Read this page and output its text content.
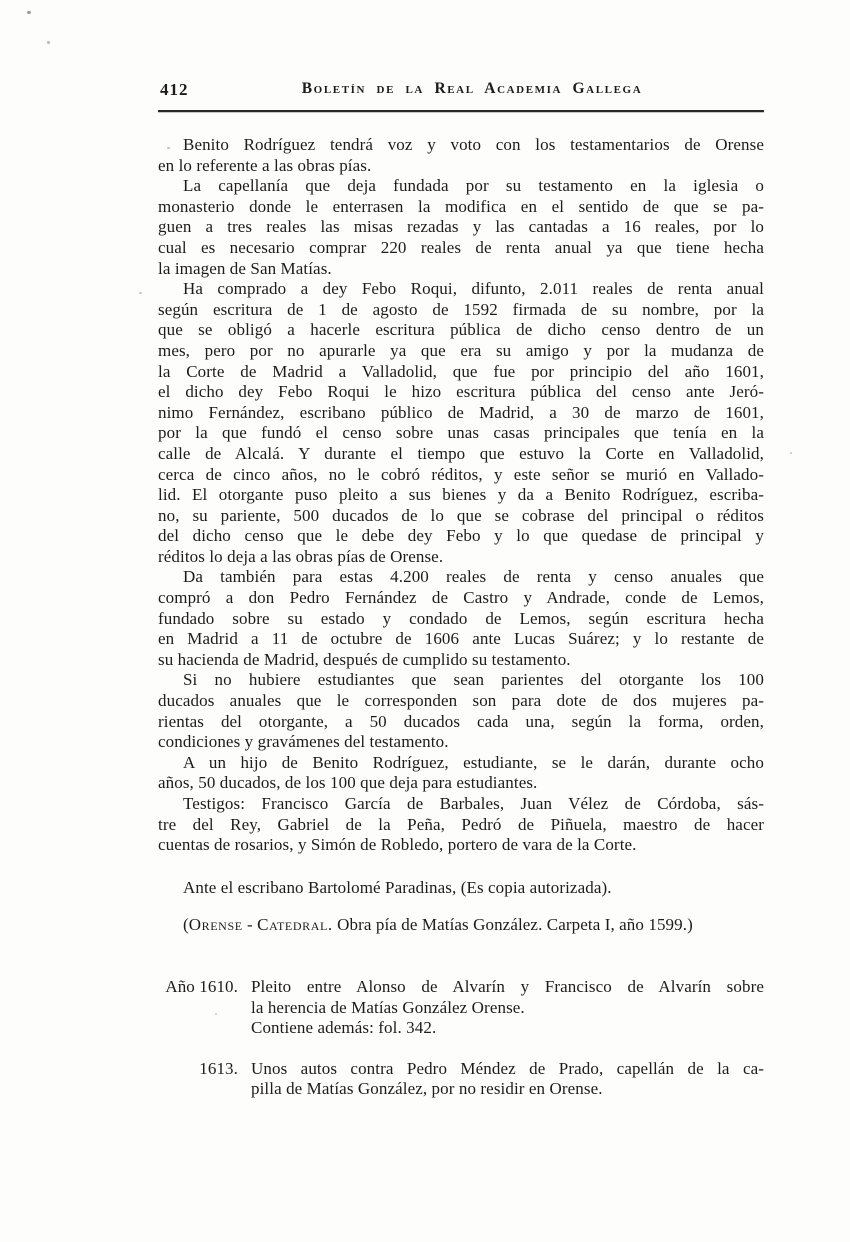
412	Boletín de la Real Academia Gallega
Benito Rodríguez tendrá voz y voto con los testamentarios de Orense
en lo referente a las obras pías.
La capellanía que deja fundada por su testamento en la iglesia o
monasterio donde le enterrasen la modifica en el sentido de que se pa-
guen a tres reales las misas rezadas y las cantadas a 16 reales, por lo
cual es necesario comprar 220 reales de renta anual ya que tiene hecha
la imagen de San Matías.
Ha comprado a dey Febo Roqui, difunto, 2.011 reales de renta anual
según escritura de 1 de agosto de 1592 firmada de su nombre, por la
que se obligó a hacerle escritura pública de dicho censo dentro de un
mes, pero por no apurarle ya que era su amigo y por la mudanza de
la Corte de Madrid a Valladolid, que fue por principio del año 1601,
el dicho dey Febo Roqui le hizo escritura pública del censo ante Jeró-
nimo Fernández, escribano público de Madrid, a 30 de marzo de 1601,
por la que fundó el censo sobre unas casas principales que tenía en la
calle de Alcalá. Y durante el tiempo que estuvo la Corte en Valladolid,
cerca de cinco años, no le cobró réditos, y este señor se murió en Vallado-
lid. El otorgante puso pleito a sus bienes y da a Benito Rodríguez, escriba-
no, su pariente, 500 ducados de lo que se cobrase del principal o réditos
del dicho censo que le debe dey Febo y lo que quedase de principal y
réditos lo deja a las obras pías de Orense.
Da también para estas 4.200 reales de renta y censo anuales que
compró a don Pedro Fernández de Castro y Andrade, conde de Lemos,
fundado sobre su estado y condado de Lemos, según escritura hecha
en Madrid a 11 de octubre de 1606 ante Lucas Suárez; y lo restante de
su hacienda de Madrid, después de cumplido su testamento.
Si no hubiere estudiantes que sean parientes del otorgante los 100
ducados anuales que le corresponden son para dote de dos mujeres pa-
rientas del otorgante, a 50 ducados cada una, según la forma, orden,
condiciones y gravámenes del testamento.
A un hijo de Benito Rodríguez, estudiante, se le darán, durante ocho
años, 50 ducados, de los 100 que deja para estudiantes.
Testigos: Francisco García de Barbales, Juan Vélez de Córdoba, sás-
tre del Rey, Gabriel de la Peña, Pedró de Piñuela, maestro de hacer
cuentas de rosarios, y Simón de Robledo, portero de vara de la Corte.
Ante el escribano Bartolomé Paradinas, (Es copia autorizada).
(Orense - Catedral. Obra pía de Matías González. Carpeta I, año 1599.)
Año 1610. Pleito entre Alonso de Alvarín y Francisco de Alvarín sobre
la herencia de Matías González Orense.
Contiene además: fol. 342.
1613. Unos autos contra Pedro Méndez de Prado, capellán de la ca-
pilla de Matías González, por no residir en Orense.
